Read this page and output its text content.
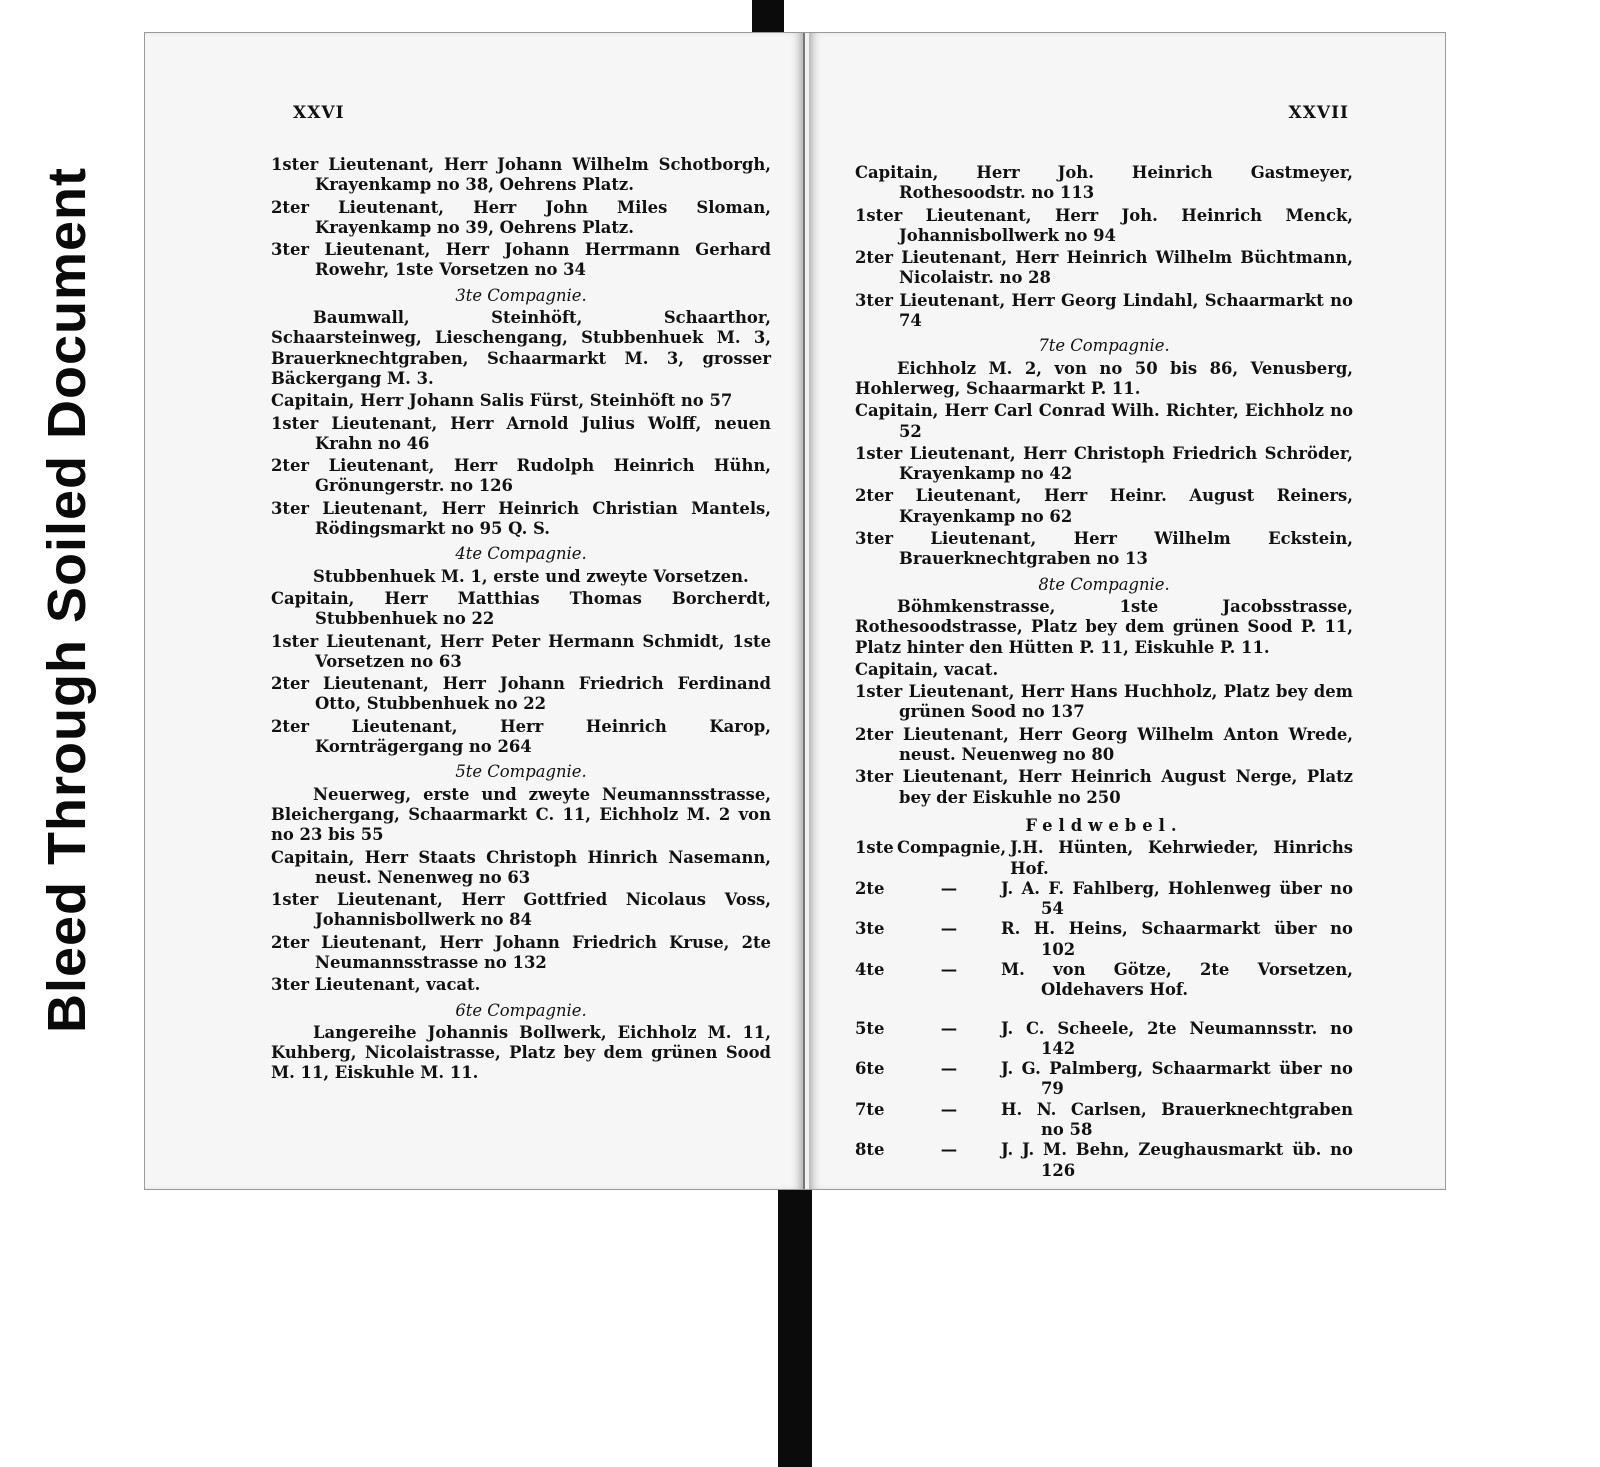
Bleed Through Soiled Document
XXVI
1ster Lieutenant, Herr Johann Wilhelm Schotborgh, Krayenkamp no 38, Oehrens Platz.
2ter Lieutenant, Herr John Miles Sloman, Krayenkamp no 39, Oehrens Platz.
3ter Lieutenant, Herr Johann Herrmann Gerhard Rowehr, 1ste Vorsetzen no 34
3te Compagnie.
Baumwall, Steinhöft, Schaarthor, Schaarsteinweg, Lieschengang, Stubbenhuek M. 3, Brauerknechtgraben, Schaarmarkt M. 3, grosser Bäckergang M. 3.
Capitain, Herr Johann Salis Fürst, Steinhöft no 57
1ster Lieutenant, Herr Arnold Julius Wolff, neuen Krahn no 46
2ter Lieutenant, Herr Rudolph Heinrich Hühn, Grönungerstr. no 126
3ter Lieutenant, Herr Heinrich Christian Mantels, Rödingsmarkt no 95 Q. S.
4te Compagnie.
Stubbenhuek M. 1, erste und zweyte Vorsetzen.
Capitain, Herr Matthias Thomas Borcherdt, Stubbenhuek no 22
1ster Lieutenant, Herr Peter Hermann Schmidt, 1ste Vorsetzen no 63
2ter Lieutenant, Herr Johann Friedrich Ferdinand Otto, Stubbenhuek no 22
2ter Lieutenant,	Herr Heinrich Karop, Kornträgergang no 264
5te Compagnie.
Neuerweg, erste und zweyte Neumannsstrasse, Bleichergang, Schaarmarkt C. 11, Eichholz M. 2 von no 23 bis 55
Capitain, Herr Staats Christoph Hinrich Nasemann, neust. Nenenweg no 63
1ster Lieutenant, Herr Gottfried Nicolaus Voss, Johannisbollwerk no 84
2ter Lieutenant, Herr Johann Friedrich Kruse, 2te Neumannsstrasse no 132
3ter Lieutenant, vacat.
6te Compagnie.
Langereihe Johannis Bollwerk, Eichholz M. 11, Kuhberg, Nicolaistrasse, Platz bey dem grünen Sood M. 11, Eiskuhle M. 11.
XXVII
Capitain, Herr Joh. Heinrich Gastmeyer, Rothesoodstr. no 113
1ster Lieutenant, Herr Joh. Heinrich Menck, Johannisbollwerk no 94
2ter Lieutenant, Herr Heinrich Wilhelm Büchtmann, Nicolaistr. no 28
3ter Lieutenant, Herr Georg Lindahl, Schaarmarkt no 74
7te Compagnie.
Eichholz M. 2, von no 50 bis 86, Venusberg, Hohlerweg, Schaarmarkt P. 11.
Capitain, Herr Carl Conrad Wilh. Richter, Eichholz no 52
1ster Lieutenant, Herr Christoph Friedrich Schröder, Krayenkamp no 42
2ter Lieutenant, Herr Heinr. August Reiners, Krayenkamp no 62
3ter Lieutenant, Herr Wilhelm Eckstein, Brauerknechtgraben no 13
8te Compagnie.
Böhmkenstrasse, 1ste Jacobsstrasse, Rothesoodstrasse, Platz bey dem grünen Sood P. 11, Platz hinter den Hütten P. 11, Eiskuhle P. 11.
Capitain, vacat.
1ster Lieutenant, Herr Hans Huchholz, Platz bey dem grünen Sood no 137
2ter Lieutenant, Herr Georg Wilhelm Anton Wrede, neust. Neuenweg no 80
3ter Lieutenant, Herr Heinrich August Nerge, Platz bey der Eiskuhle no 250
Feldwebel.
1ste Compagnie, J.H. Hünten, Kehrwieder, Hinrichs Hof.
2te	—	J. A. F. Fahlberg, Hohlenweg über no 54
3te	—	R. H. Heins, Schaarmarkt über no 102
4te	—	M. von Götze, 2te Vorsetzen, Oldehavers Hof.
5te	—	J. C. Scheele, 2te Neumannsstr. no 142
6te	—	J. G. Palmberg, Schaarmarkt über no 79
7te	—	H. N. Carlsen, Brauerknechtgraben no 58
8te	—	J. J. M. Behn, Zeughausmarkt üb. no 126
